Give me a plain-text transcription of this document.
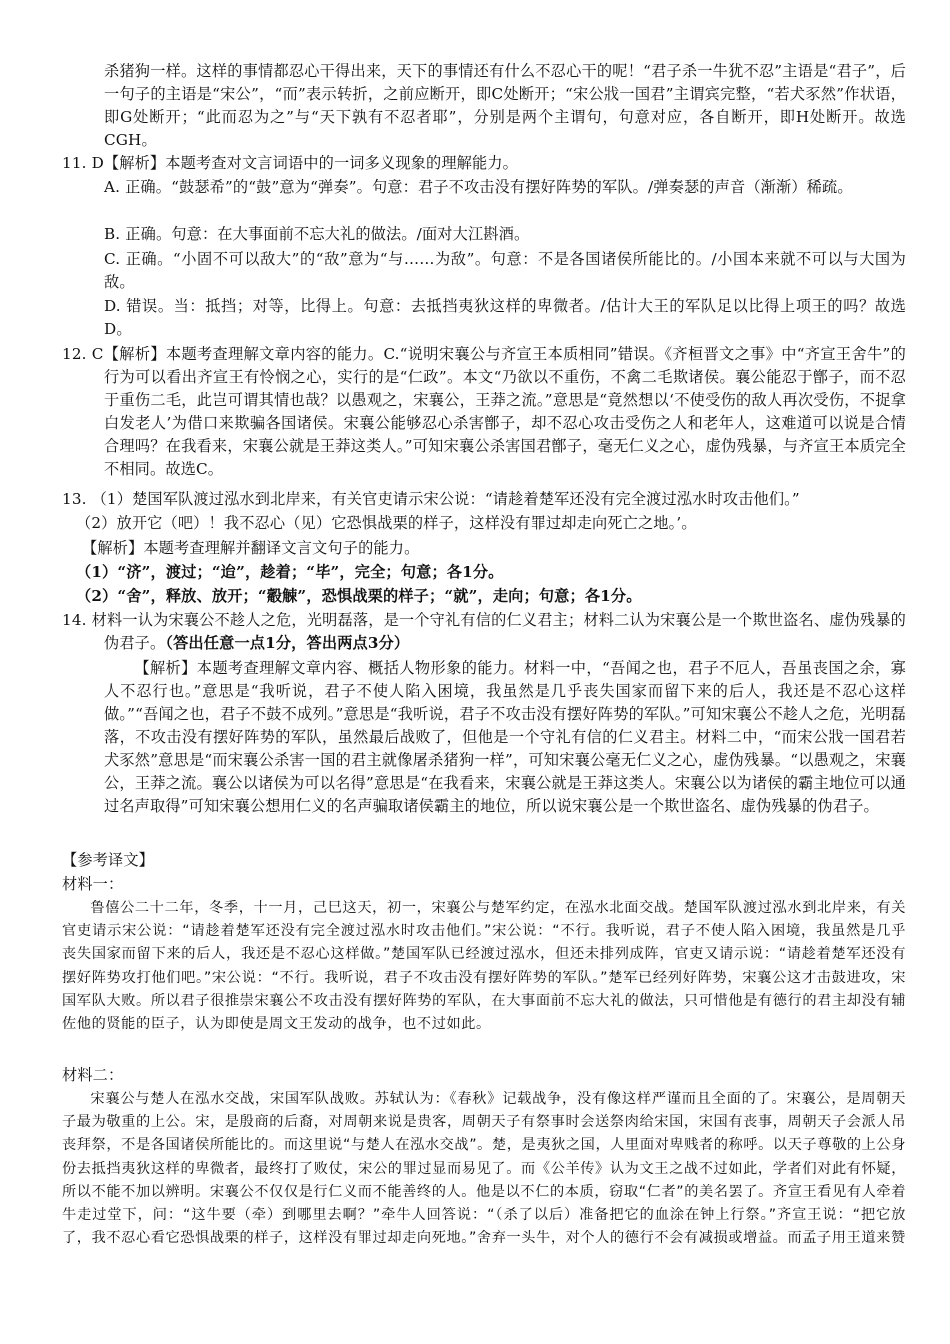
杀猪狗一样。这样的事情都忍心干得出来，天下的事情还有什么不忍心干的呢！“君子杀一牛犹不忍”主语是“君子”，后一句子的主语是“宋公”，“而”表示转折，之前应断开，即C处断开；“宋公戕一国君”主谓宾完整，“若犬豕然”作状语，即G处断开；“此而忍为之”与“天下孰有不忍者耶”，分别是两个主谓句，句意对应，各自断开，即H处断开。故选CGH。
11. D【解析】本题考查对文言词语中的一词多义现象的理解能力。
A. 正确。“鼓瑟希”的“鼓”意为“弹奏”。句意：君子不攻击没有摆好阵势的军队。/弹奏瑟的声音（渐渐）稀疏。
B. 正确。句意：在大事面前不忘大礼的做法。/面对大江斟酒。
C. 正确。“小固不可以敌大”的“敌”意为“与……为敌”。句意：不是各国诸侯所能比的。/小国本来就不可以与大国为敌。
D. 错误。当：抵挡；对等，比得上。句意：去抵挡夷狄这样的卑微者。/估计大王的军队足以比得上项王的吗？故选D。
12. C【解析】本题考查理解文章内容的能力。C.“说明宋襄公与齐宣王本质相同”错误。《齐桓晋文之事》中“齐宣王舍牛”的行为可以看出齐宣王有怜悯之心，实行的是“仁政”。本文“乃欲以不重伤，不禽二毛欺诸侯。襄公能忍于鄫子，而不忍于重伤二毛，此岂可谓其情也哉？以愚观之，宋襄公，王莽之流。”意思是“竟然想以‘不使受伤的敌人再次受伤，不捉拿白发老人’为借口来欺骗各国诸侯。宋襄公能够忍心杀害鄫子，却不忍心攻击受伤之人和老年人，这难道可以说是合情合理吗？在我看来，宋襄公就是王莽这类人。”可知宋襄公杀害国君鄫子，毫无仁义之心，虚伪残暴，与齐宣王本质完全不相同。故选C。
13. （1）楚国军队渡过泓水到北岸来，有关官吏请示宋公说：“请趁着楚军还没有完全渡过泓水时攻击他们。”
（2）放开它（吧）！我不忍心（见）它恐惧战栗的样子，这样没有罪过却走向死亡之地。’。
【解析】本题考查理解并翻译文言文句子的能力。
（1）“济”，渡过；“迨”，趁着；“毕”，完全；句意；各1分。
（2）“舍”，释放、放开；“觳觫”，恐惧战栗的样子；“就”，走向；句意；各1分。
14. 材料一认为宋襄公不趁人之危，光明磊落，是一个守礼有信的仁义君主；材料二认为宋襄公是一个欺世盗名、虚伪残暴的伪君子。（答出任意一点1分，答出两点3分）
【解析】本题考查理解文章内容、概括人物形象的能力。材料一中，“吾闻之也，君子不厄人，吾虽丧国之余，寡人不忍行也。”意思是“我听说，君子不使人陷入困境，我虽然是几乎丧失国家而留下来的后人，我还是不忍心这样做。”“吾闻之也，君子不鼓不成列。”意思是“我听说，君子不攻击没有摆好阵势的军队。”可知宋襄公不趁人之危，光明磊落，不攻击没有摆好阵势的军队，虽然最后战败了，但他是一个守礼有信的仁义君主。材料二中，“而宋公戕一国君若犬豕然”意思是“而宋襄公杀害一国的君主就像屠杀猪狗一样”，可知宋襄公毫无仁义之心，虚伪残暴。“以愚观之，宋襄公，王莽之流。襄公以诸侯为可以名得”意思是“在我看来，宋襄公就是王莽这类人。宋襄公以为诸侯的霸主地位可以通过名声取得”可知宋襄公想用仁义的名声骗取诸侯霸主的地位，所以说宋襄公是一个欺世盗名、虚伪残暴的伪君子。
【参考译文】
材料一：
鲁僖公二十二年，冬季，十一月，己巳这天，初一，宋襄公与楚军约定，在泓水北面交战。楚国军队渡过泓水到北岸来，有关官吏请示宋公说：“请趁着楚军还没有完全渡过泓水时攻击他们。”宋公说：“不行。我听说，君子不使人陷入困境，我虽然是几乎丧失国家而留下来的后人，我还是不忍心这样做。”楚国军队已经渡过泓水，但还未排列成阵，官吏又请示说：“请趁着楚军还没有摆好阵势攻打他们吧。”宋公说：“不行。我听说，君子不攻击没有摆好阵势的军队。”楚军已经列好阵势，宋襄公这才击鼓进攻，宋国军队大败。所以君子很推崇宋襄公不攻击没有摆好阵势的军队，在大事面前不忘大礼的做法，只可惜他是有德行的君主却没有辅佐他的贤能的臣子，认为即使是周文王发动的战争，也不过如此。
材料二：
宋襄公与楚人在泓水交战，宋国军队战败。苏轼认为：《春秋》记载战争，没有像这样严谨而且全面的了。宋襄公，是周朝天子最为敬重的上公。宋，是殷商的后裔，对周朝来说是贵客，周朝天子有祭事时会送祭肉给宋国，宋国有丧事，周朝天子会派人吊丧拜祭，不是各国诸侯所能比的。而这里说“与楚人在泓水交战”。楚，是夷狄之国，人里面对卑贱者的称呼。以天子尊敬的上公身份去抵挡夷狄这样的卑微者，最终打了败仗，宋公的罪过显而易见了。而《公羊传》认为文王之战不过如此，学者们对此有怀疑，所以不能不加以辨明。宋襄公不仅仅是行仁义而不能善终的人。他是以不仁的本质，窃取“仁者”的美名罢了。齐宣王看见有人牵着牛走过堂下，问：“这牛要（牵）到哪里去啊？”牵牛人回答说：“（杀了以后）准备把它的血涂在钟上行祭。”齐宣王说：“把它放了，我不忍心看它恐惧战栗的样子，这样没有罪过却走向死地。”舍弃一头牛，对个人的德行不会有减损或增益。而孟子用王道来赞
